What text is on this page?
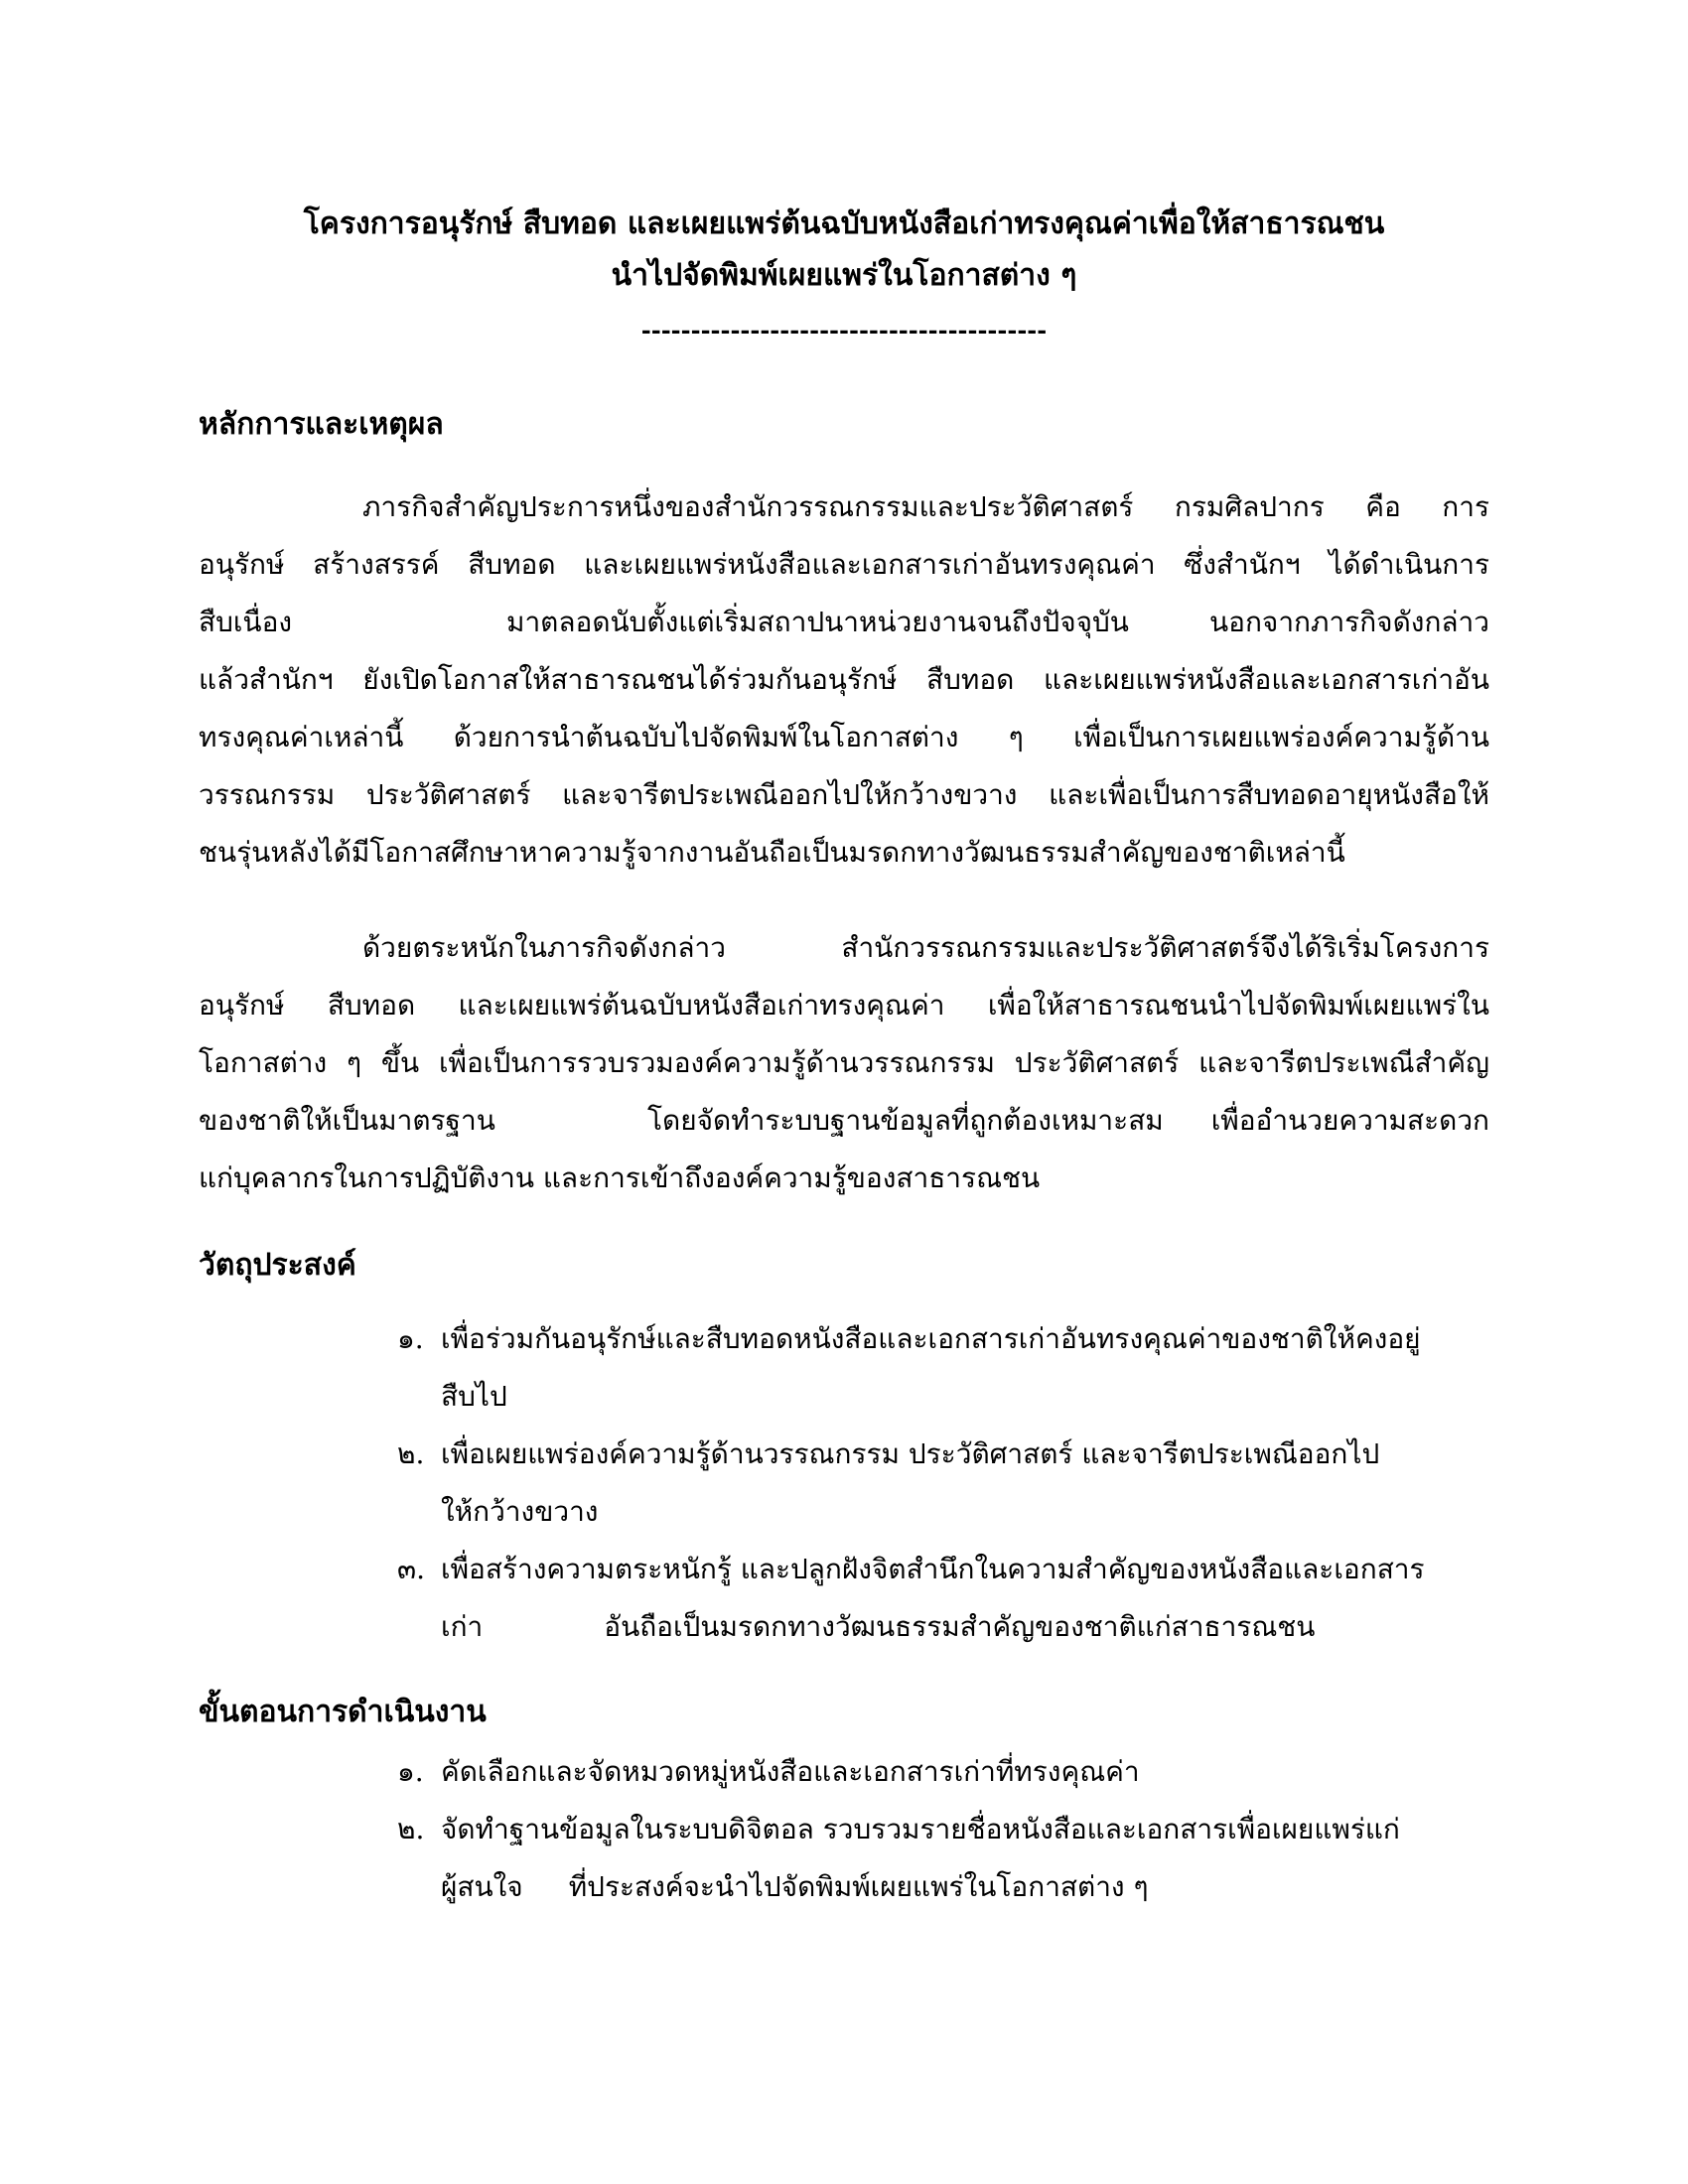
โครงการอนุรักษ์ สืบทอด และเผยแพร่ต้นฉบับหนังสือเก่าทรงคุณค่าเพื่อให้สาธารณชน
นำไปจัดพิมพ์เผยแพร่ในโอกาสต่าง ๆ
-----------------------------------------
หลักการและเหตุผล
ภารกิจสำคัญประการหนึ่งของสำนักวรรณกรรมและประวัติศาสตร์ กรมศิลปากร คือ การ
อนุรักษ์ สร้างสรรค์ สืบทอด และเผยแพร่หนังสือและเอกสารเก่าอันทรงคุณค่า ซึ่งสำนักฯ ได้ดำเนินการ
สืบเนื่อง	มาตลอดนับตั้งแต่เริ่มสถาปนาหน่วยงานจนถึงปัจจุบัน นอกจากภารกิจดังกล่าว
แล้วสำนักฯ ยังเปิดโอกาสให้สาธารณชนได้ร่วมกันอนุรักษ์ สืบทอด และเผยแพร่หนังสือและเอกสารเก่าอัน
ทรงคุณค่าเหล่านี้ ด้วยการนำต้นฉบับไปจัดพิมพ์ในโอกาสต่าง ๆ เพื่อเป็นการเผยแพร่องค์ความรู้ด้าน
วรรณกรรม ประวัติศาสตร์ และจารีตประเพณีออกไปให้กว้างขวาง และเพื่อเป็นการสืบทอดอายุหนังสือให้
ชนรุ่นหลังได้มีโอกาสศึกษาหาความรู้จากงานอันถือเป็นมรดกทางวัฒนธรรมสำคัญของชาติเหล่านี้
ด้วยตระหนักในภารกิจดังกล่าว สำนักวรรณกรรมและประวัติศาสตร์จึงได้ริเริ่มโครงการ
อนุรักษ์ สืบทอด และเผยแพร่ต้นฉบับหนังสือเก่าทรงคุณค่า เพื่อให้สาธารณชนนำไปจัดพิมพ์เผยแพร่ใน
โอกาสต่าง ๆ ขึ้น เพื่อเป็นการรวบรวมองค์ความรู้ด้านวรรณกรรม ประวัติศาสตร์ และจารีตประเพณีสำคัญ
ของชาติให้เป็นมาตรฐาน	โดยจัดทำระบบฐานข้อมูลที่ถูกต้องเหมาะสม เพื่ออำนวยความสะดวก
แก่บุคลากรในการปฏิบัติงาน และการเข้าถึงองค์ความรู้ของสาธารณชน
วัตถุประสงค์
๑. เพื่อร่วมกันอนุรักษ์และสืบทอดหนังสือและเอกสารเก่าอันทรงคุณค่าของชาติให้คงอยู่
สืบไป
๒. เพื่อเผยแพร่องค์ความรู้ด้านวรรณกรรม ประวัติศาสตร์ และจารีตประเพณีออกไป
ให้กว้างขวาง
๓. เพื่อสร้างความตระหนักรู้ และปลูกฝังจิตสำนึกในความสำคัญของหนังสือและเอกสาร
เก่า	อันถือเป็นมรดกทางวัฒนธรรมสำคัญของชาติแก่สาธารณชน
ขั้นตอนการดำเนินงาน
๑. คัดเลือกและจัดหมวดหมู่หนังสือและเอกสารเก่าที่ทรงคุณค่า
๒. จัดทำฐานข้อมูลในระบบดิจิตอล รวบรวมรายชื่อหนังสือและเอกสารเพื่อเผยแพร่แก่
ผู้สนใจ ที่ประสงค์จะนำไปจัดพิมพ์เผยแพร่ในโอกาสต่าง ๆ
